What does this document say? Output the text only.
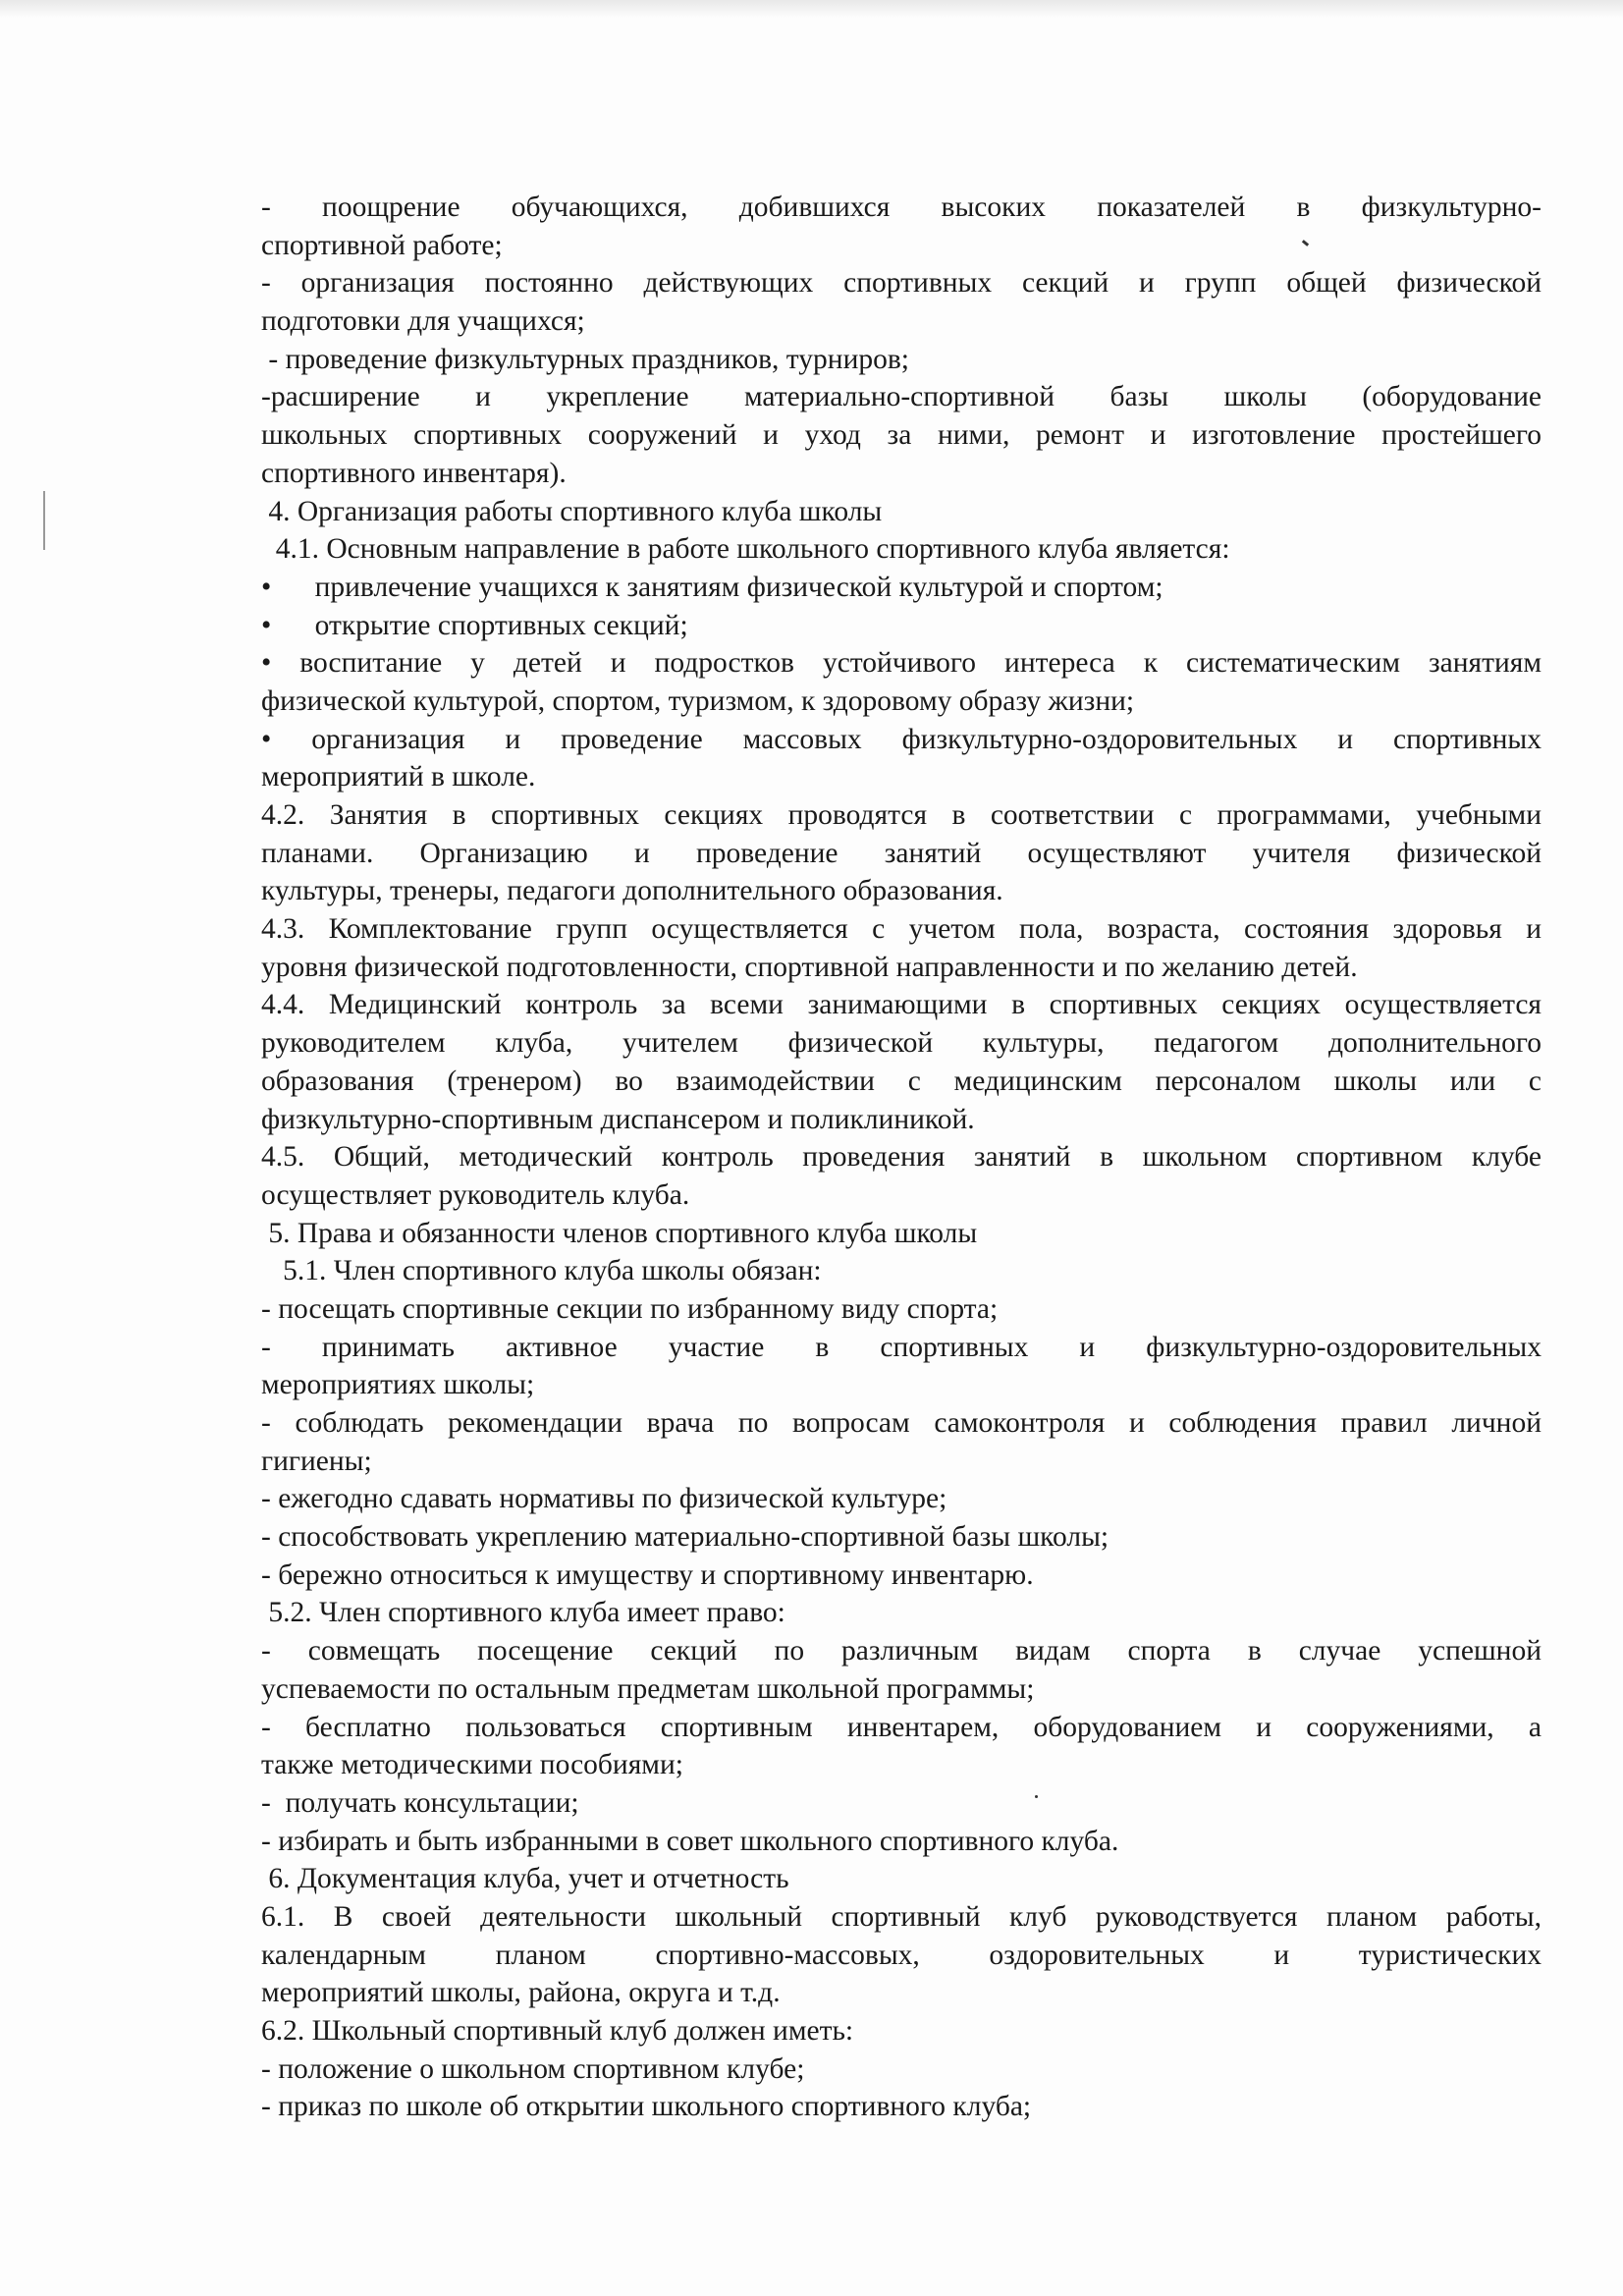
- поощрение обучающихся, добившихся высоких показателей в физкультурно-
спортивной работе;
- организация постоянно действующих спортивных секций и групп общей физической
подготовки для учащихся;
- проведение физкультурных праздников, турниров;
-расширение и укрепление материально-спортивной базы школы (оборудование
школьных спортивных сооружений и уход за ними, ремонт и изготовление простейшего
спортивного инвентаря).
4. Организация работы спортивного клуба школы
4.1. Основным направление в работе школьного спортивного клуба является:
•      привлечение учащихся к занятиям физической культурой и спортом;
•      открытие спортивных секций;
• воспитание у детей и подростков устойчивого интереса к систематическим занятиям
физической культурой, спортом, туризмом, к здоровому образу жизни;
• организация и проведение массовых физкультурно-оздоровительных и спортивных
мероприятий в школе.
4.2. Занятия в спортивных секциях проводятся в соответствии с программами, учебными
планами. Организацию и проведение занятий осуществляют учителя физической
культуры, тренеры, педагоги дополнительного образования.
4.3. Комплектование групп осуществляется с учетом пола, возраста, состояния здоровья и
уровня физической подготовленности, спортивной направленности и по желанию детей.
4.4. Медицинский контроль за всеми занимающими в спортивных секциях осуществляется
руководителем клуба, учителем физической культуры, педагогом дополнительного
образования (тренером) во взаимодействии с медицинским персоналом школы или с
физкультурно-спортивным диспансером и поликлиникой.
4.5. Общий, методический контроль проведения занятий в школьном спортивном клубе
осуществляет руководитель клуба.
5. Права и обязанности членов спортивного клуба школы
5.1. Член спортивного клуба школы обязан:
- посещать спортивные секции по избранному виду спорта;
- принимать активное участие в спортивных и физкультурно-оздоровительных
мероприятиях школы;
- соблюдать рекомендации врача по вопросам самоконтроля и соблюдения правил личной
гигиены;
- ежегодно сдавать нормативы по физической культуре;
- способствовать укреплению материально-спортивной базы школы;
- бережно относиться к имуществу и спортивному инвентарю.
5.2. Член спортивного клуба имеет право:
- совмещать посещение секций по различным видам спорта в случае успешной
успеваемости по остальным предметам школьной программы;
- бесплатно пользоваться спортивным инвентарем, оборудованием и сооружениями, а
также методическими пособиями;
-  получать консультации;
- избирать и быть избранными в совет школьного спортивного клуба.
6. Документация клуба, учет и отчетность
6.1. В своей деятельности школьный спортивный клуб руководствуется планом работы,
календарным планом спортивно-массовых, оздоровительных и туристических
мероприятий школы, района, округа и т.д.
6.2. Школьный спортивный клуб должен иметь:
- положение о школьном спортивном клубе;
- приказ по школе об открытии школьного спортивного клуба;
